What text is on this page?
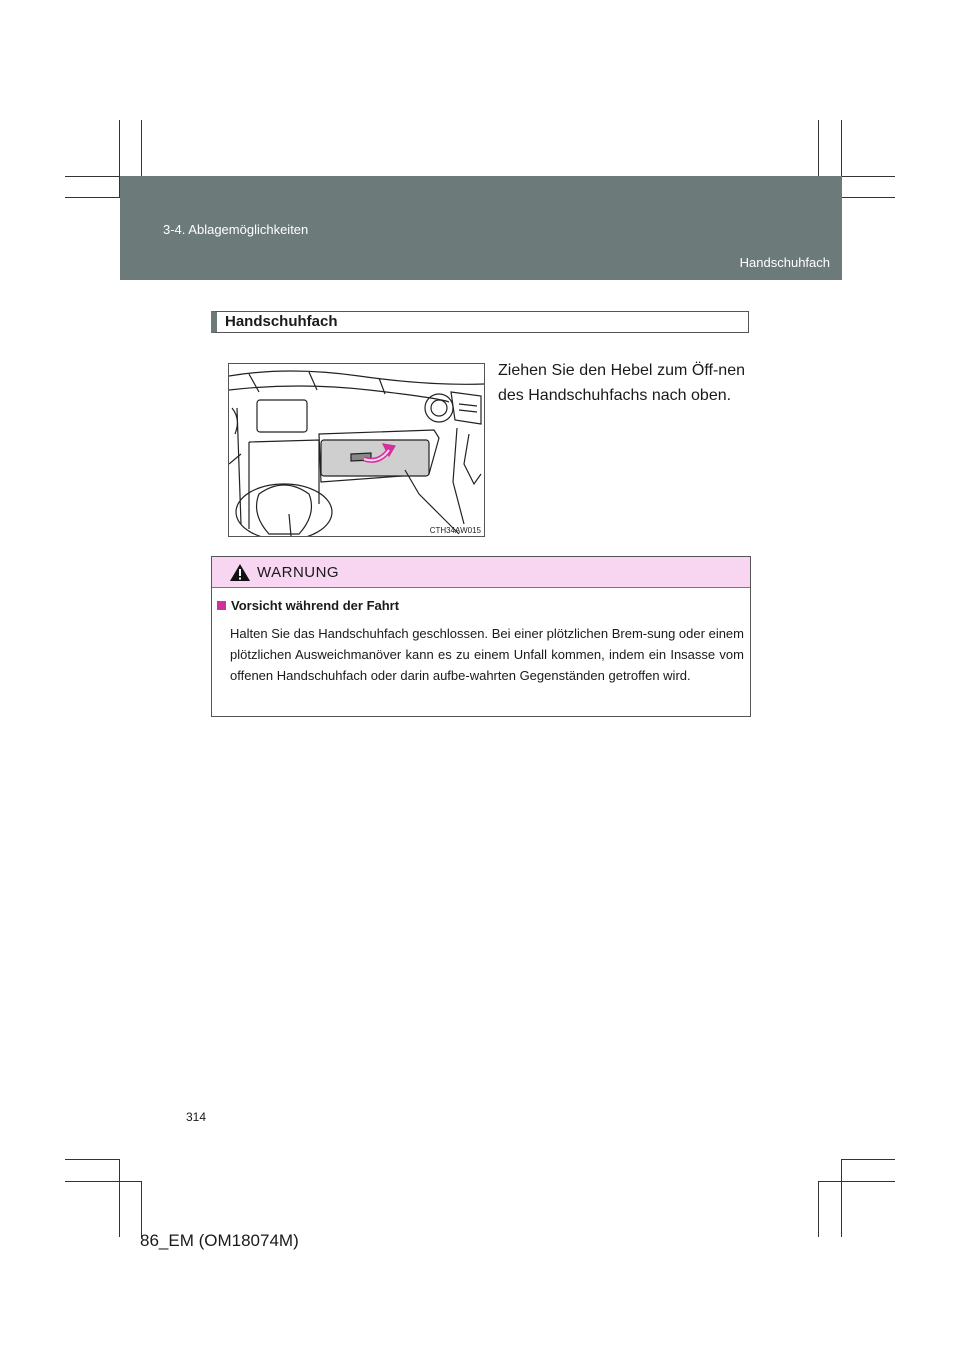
3-4. Ablagemöglichkeiten
Handschuhfach
Handschuhfach
CTH34AW015
Ziehen Sie den Hebel zum Öff-nen des Handschuhfachs nach oben.
WARNUNG
Vorsicht während der Fahrt
Halten Sie das Handschuhfach geschlossen. Bei einer plötzlichen Brem-sung oder einem plötzlichen Ausweichmanöver kann es zu einem Unfall kommen, indem ein Insasse vom offenen Handschuhfach oder darin aufbe-wahrten Gegenständen getroffen wird.
314
86_EM (OM18074M)
